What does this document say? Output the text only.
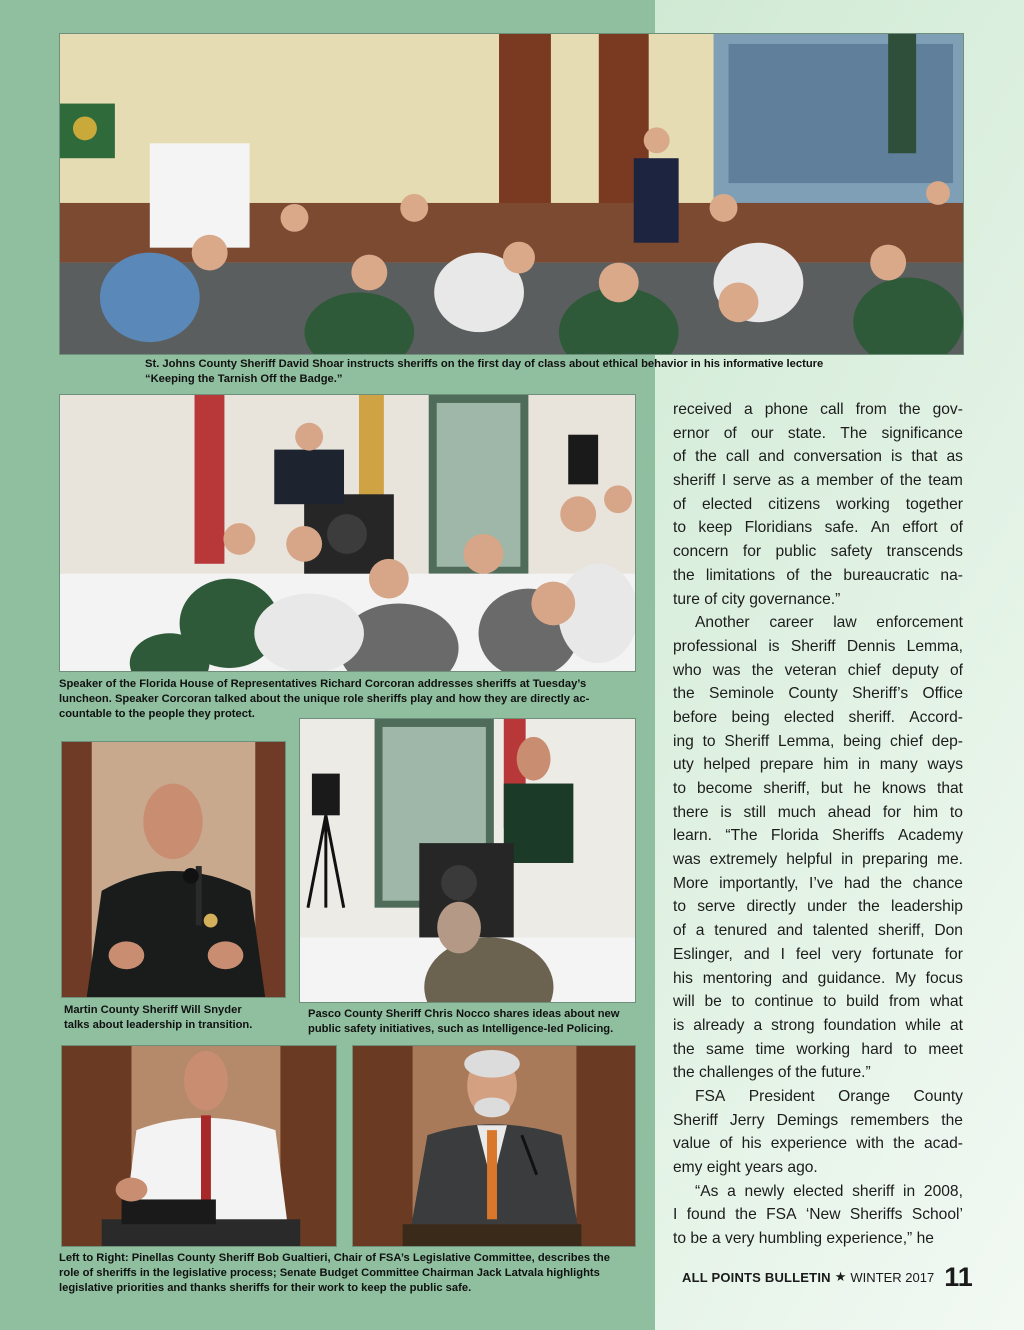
St. Johns County Sheriff David Shoar instructs sheriffs on the first day of class about ethical behavior in his informative lecture

“Keeping the Tarnish Off the Badge.”

Speaker of the Florida House of Representatives Richard Corcoran addresses sheriffs at Tuesday’s

luncheon. Speaker Corcoran talked about the unique role sheriffs play and how they are directly ac-

countable to the people they protect.

Martin County Sheriff Will Snyder

talks about leadership in transition.

Pasco County Sheriff Chris Nocco shares ideas about new

public safety initiatives, such as Intelligence-led Policing.

Left to Right: Pinellas County Sheriff Bob Gualtieri, Chair of FSA’s Legislative Committee, describes the

role of sheriffs in the legislative process; Senate Budget Committee Chairman Jack Latvala highlights

legislative priorities and thanks sheriffs for their work to keep the public safe.

received a phone call from the gov-
ernor of our state. The significance
of the call and conversation is that as
sheriff I serve as a member of the team
of elected citizens working together
to keep Floridians safe. An effort of
concern for public safety transcends
the limitations of the bureaucratic na-
ture of city governance.”
Another career law enforcement
professional is Sheriff Dennis Lemma,
who was the veteran chief deputy of
the Seminole County Sheriff’s Office
before being elected sheriff. Accord-
ing to Sheriff Lemma, being chief dep-
uty helped prepare him in many ways
to become sheriff, but he knows that
there is still much ahead for him to
learn. “The Florida Sheriffs Academy
was extremely helpful in preparing me.
More importantly, I’ve had the chance
to serve directly under the leadership
of a tenured and talented sheriff, Don
Eslinger, and I feel very fortunate for
his mentoring and guidance. My focus
will be to continue to build from what
is already a strong foundation while at
the same time working hard to meet
the challenges of the future.”
FSA President Orange County
Sheriff Jerry Demings remembers the
value of his experience with the acad-
emy eight years ago.
“As a newly elected sheriff in 2008,
I found the FSA ‘New Sheriffs School’
to be a very humbling experience,” he
ALL POINTS BULLETIN ★ WINTER 2017 11
